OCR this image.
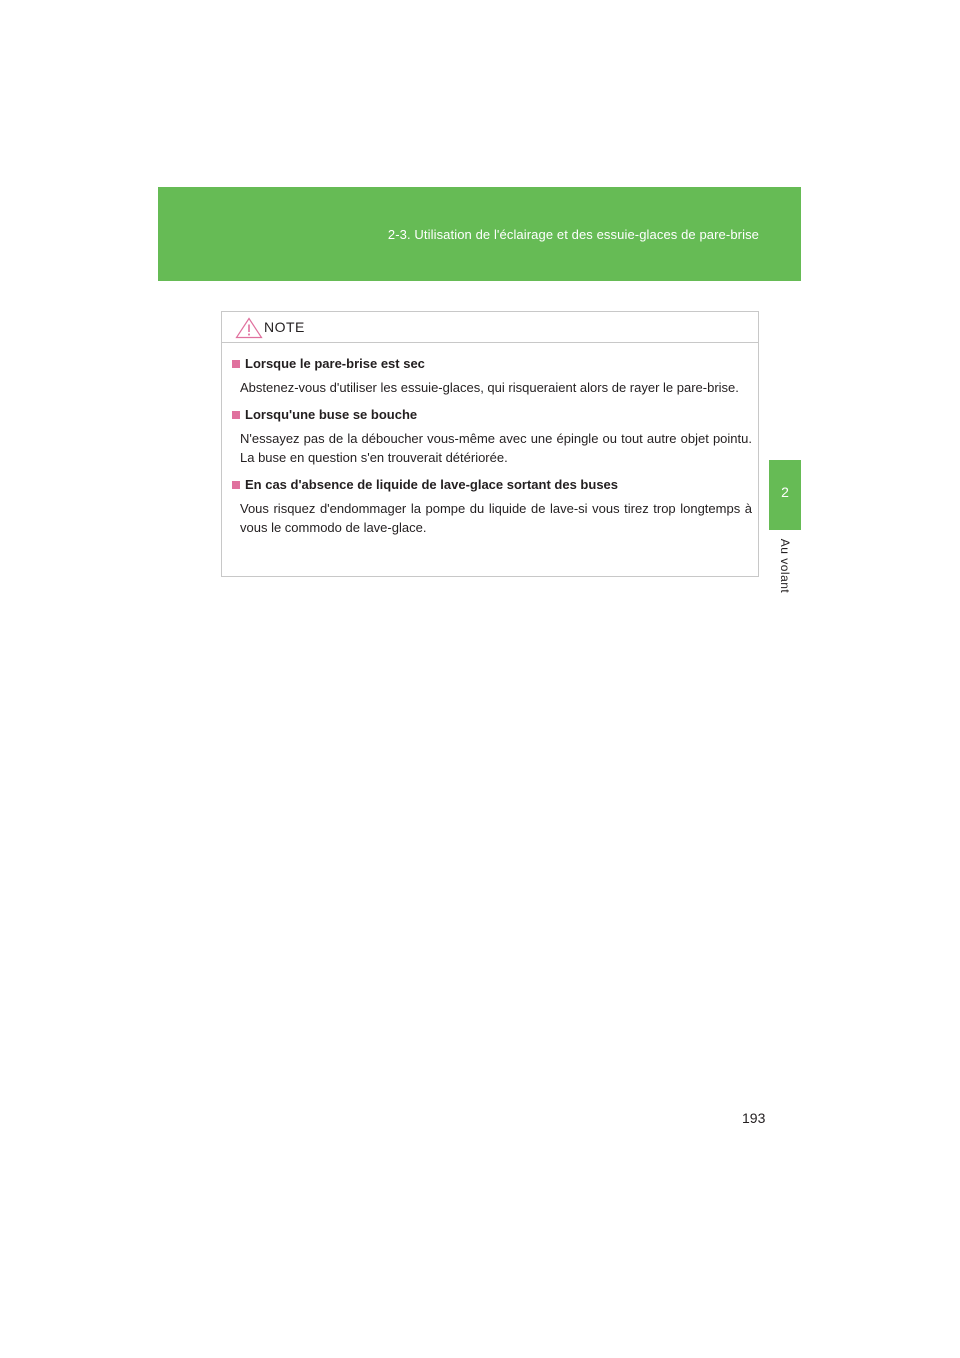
2-3. Utilisation de l'éclairage et des essuie-glaces de pare-brise
2
Au volant
NOTE
Lorsque le pare-brise est sec
Abstenez-vous d'utiliser les essuie-glaces, qui risqueraient alors de rayer le pare-brise.
Lorsqu'une buse se bouche
N'essayez pas de la déboucher vous-même avec une épingle ou tout autre objet pointu. La buse en question s'en trouverait détériorée.
En cas d'absence de liquide de lave-glace sortant des buses
Vous risquez d'endommager la pompe du liquide de lave-si vous tirez trop longtemps à vous le commodo de lave-glace.
193
